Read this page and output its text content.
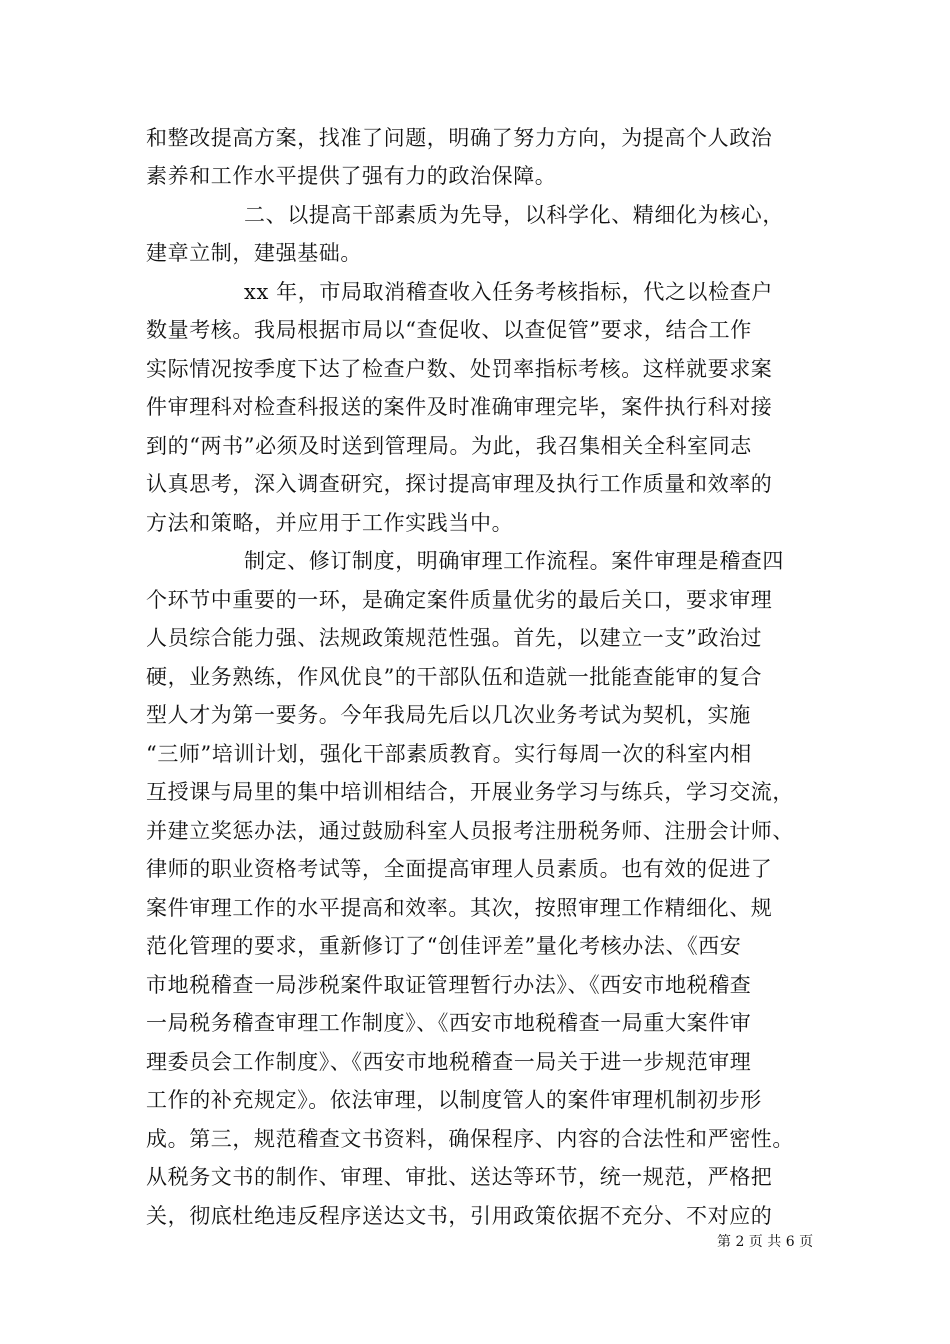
和整改提高方案，找准了问题，明确了努力方向，为提高个人政治
素养和工作水平提供了强有力的政治保障。
二、以提高干部素质为先导，以科学化、精细化为核心，
建章立制，建强基础。
xx 年，市局取消稽查收入任务考核指标，代之以检查户
数量考核。我局根据市局以“查促收、以查促管”要求，结合工作
实际情况按季度下达了检查户数、处罚率指标考核。这样就要求案
件审理科对检查科报送的案件及时准确审理完毕，案件执行科对接
到的“两书”必须及时送到管理局。为此，我召集相关全科室同志
认真思考，深入调查研究，探讨提高审理及执行工作质量和效率的
方法和策略，并应用于工作实践当中。
制定、修订制度，明确审理工作流程。案件审理是稽查四
个环节中重要的一环，是确定案件质量优劣的最后关口，要求审理
人员综合能力强、法规政策规范性强。首先，以建立一支”政治过
硬，业务熟练，作风优良”的干部队伍和造就一批能查能审的复合
型人才为第一要务。今年我局先后以几次业务考试为契机，实施
“三师”培训计划，强化干部素质教育。实行每周一次的科室内相
互授课与局里的集中培训相结合，开展业务学习与练兵，学习交流，
并建立奖惩办法，通过鼓励科室人员报考注册税务师、注册会计师、
律师的职业资格考试等，全面提高审理人员素质。也有效的促进了
案件审理工作的水平提高和效率。其次，按照审理工作精细化、规
范化管理的要求，重新修订了“创佳评差”量化考核办法、《西安
市地税稽查一局涉税案件取证管理暂行办法》、《西安市地税稽查
一局税务稽查审理工作制度》、《西安市地税稽查一局重大案件审
理委员会工作制度》、《西安市地税稽查一局关于进一步规范审理
工作的补充规定》。依法审理，以制度管人的案件审理机制初步形
成。第三，规范稽查文书资料，确保程序、内容的合法性和严密性。
从税务文书的制作、审理、审批、送达等环节，统一规范，严格把
关，彻底杜绝违反程序送达文书，引用政策依据不充分、不对应的
第 2 页 共 6 页
